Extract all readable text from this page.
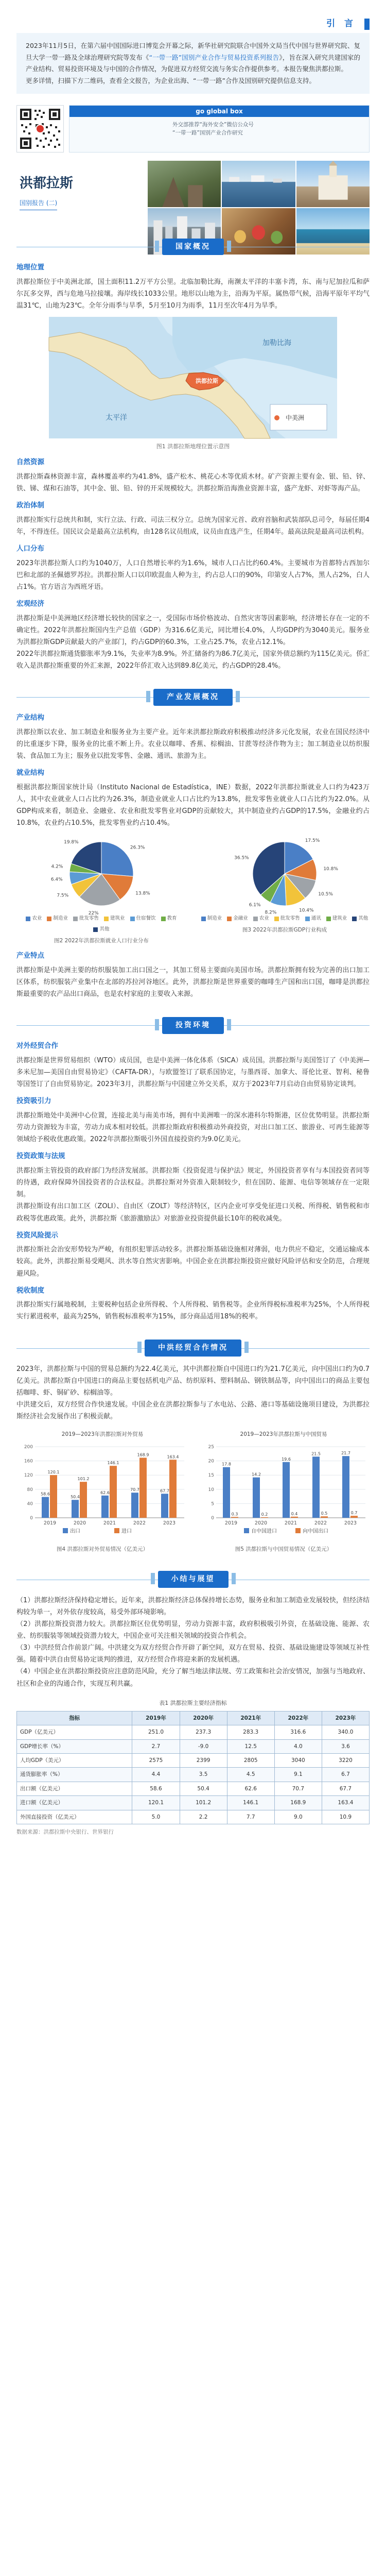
引 言
2023年11月5日，在第六届中国国际进口博览会开幕之际，新华社研究院联合中国外文局当代中国与世界研究院、复旦大学一带一路及全球治理研究院等发布《“一带一路”国别产业合作与贸易投资系列报告》，旨在深入研究共建国家的产业结构、贸易投资环境及与中国的合作情况，为促进双方经贸交流与务实合作提供参考。本报告聚焦洪都拉斯。
更多详情，扫描下方二维码，查看全文报告，为企业出海、“一带一路”合作及国别研究提供信息支持。
go global box
外交部推荐“海外安全”微信公众号
“一带一路”国别产业合作研究
洪都拉斯
国别报告 (二)
国家概况
地理位置

洪都拉斯位于中美洲北部，国土面积11.2万平方公里。北临加勒比海，南濒太平洋的丰塞卡湾，东、南与尼加拉瓜和萨尔瓦多交界，西与危地马拉接壤。海岸线长1033公里。地形以山地为主，沿海为平原。属热带气候，沿海平原年平均气温31℃，山地为23℃。全年分雨季与旱季，5月至10月为雨季，11月至次年4月为旱季。

加勒比海
太平洋
洪都拉斯
中美洲
图1 洪都拉斯地理位置示意图
自然资源

洪都拉斯森林资源丰富，森林覆盖率约为41.8%，盛产松木、桃花心木等优质木材。矿产资源主要有金、银、铅、锌、铁、锑、煤和石油等，其中金、银、铅、锌的开采规模较大。洪都拉斯沿海渔业资源丰富，盛产龙虾、对虾等海产品。

政治体制

洪都拉斯实行总统共和制，实行立法、行政、司法三权分立。总统为国家元首、政府首脑和武装部队总司令，每届任期4年，不得连任。国民议会是最高立法机构，由128名议员组成，议员由直选产生，任期4年。最高法院是最高司法机构。

人口分布

2023年洪都拉斯人口约为1040万，人口自然增长率约为1.6%，城市人口占比约60.4%。主要城市为首都特古西加尔巴和北部的圣佩德罗苏拉。洪都拉斯人口以印欧混血人种为主，约占总人口的90%，印第安人占7%，黑人占2%，白人占1%。官方语言为西班牙语。

宏观经济

洪都拉斯是中美洲地区经济增长较快的国家之一，受国际市场价格波动、自然灾害等因素影响，经济增长存在一定的不确定性。2022年洪都拉斯国内生产总值（GDP）为316.6亿美元，同比增长4.0%，人均GDP约为3040美元。服务业为洪都拉斯GDP贡献最大的产业部门，约占GDP的60.3%，工业占25.7%，农业占12.1%。

2022年洪都拉斯通货膨胀率为9.1%，失业率为8.9%。外汇储备约为86.7亿美元，国家外债总额约为115亿美元。侨汇收入是洪都拉斯重要的外汇来源，2022年侨汇收入达到89.8亿美元，约占GDP的28.4%。

产业发展概况
产业结构

洪都拉斯以农业、加工制造业和服务业为主要产业。近年来洪都拉斯政府积极推动经济多元化发展，农业在国民经济中的比重逐步下降，服务业的比重不断上升。农业以咖啡、香蕉、棕榈油、甘蔗等经济作物为主；加工制造业以纺织服装、食品加工为主；服务业以批发零售、金融、通讯、旅游为主。

就业结构

根据洪都拉斯国家统计局（Instituto Nacional de Estadística，INE）数据，2022年洪都拉斯就业人口约为423万人，其中农业就业人口占比约为26.3%，制造业就业人口占比约为13.8%，批发零售业就业人口占比约为22.0%。从GDP构成来看，制造业、金融业、农业和批发零售业对GDP的贡献较大，其中制造业约占GDP的17.5%，金融业约占10.8%，农业约占10.5%，批发零售业约占10.4%。

26.3%
13.8%
22%
7.5%
6.4%
4.2%
19.8%
农业 制造业 批发零售 建筑业 住宿餐饮 教育
其他
图2 2022年洪都拉斯就业人口行业分布
17.5%
10.8%
10.5%
10.4%
8.2%
6.1%
36.5%
制造业 金融业 农业 批发零售 通讯 建筑业 其他
图3 2022年洪都拉斯GDP行业构成
产业特点

洪都拉斯是中美洲主要的纺织服装加工出口国之一，其加工贸易主要面向美国市场。洪都拉斯拥有较为完善的出口加工区体系，纺织服装产业集中在北部的苏拉河谷地区。此外，洪都拉斯是世界重要的咖啡生产国和出口国，咖啡是洪都拉斯最重要的农产品出口商品，也是农村家庭的主要收入来源。

投资环境
对外经贸合作

洪都拉斯是世界贸易组织（WTO）成员国，也是中美洲一体化体系（SICA）成员国。洪都拉斯与美国签订了《中美洲—多米尼加—美国自由贸易协定》（CAFTA-DR），与欧盟签订了联系国协定，与墨西哥、加拿大、哥伦比亚、智利、秘鲁等国签订了自由贸易协定。2023年3月，洪都拉斯与中国建立外交关系，双方于2023年7月启动自由贸易协定谈判。

投资吸引力

洪都拉斯地处中美洲中心位置，连接北美与南美市场，拥有中美洲唯一的深水港科尔特斯港，区位优势明显。洪都拉斯劳动力资源较为丰富，劳动力成本相对较低。洪都拉斯政府积极推动外商投资，对出口加工区、旅游业、可再生能源等领域给予税收优惠政策。2022年洪都拉斯吸引外国直接投资约为9.0亿美元。

投资政策与法规

洪都拉斯主管投资的政府部门为经济发展部。洪都拉斯《投资促进与保护法》规定，外国投资者享有与本国投资者同等的待遇，政府保障外国投资者的合法权益。洪都拉斯对外资准入限制较少，但在国防、能源、电信等领域存在一定限制。

洪都拉斯设有出口加工区（ZOLI）、自由区（ZOLT）等经济特区，区内企业可享受免征进口关税、所得税、销售税和市政税等优惠政策。此外，洪都拉斯《旅游激励法》对旅游业投资提供最长10年的税收减免。

投资风险提示

洪都拉斯社会治安形势较为严峻，有组织犯罪活动较多。洪都拉斯基础设施相对薄弱，电力供应不稳定，交通运输成本较高。此外，洪都拉斯易受飓风、洪水等自然灾害影响。中国企业在洪都拉斯投资应做好风险评估和安全防范，合理规避风险。

税收制度

洪都拉斯实行属地税制，主要税种包括企业所得税、个人所得税、销售税等。企业所得税标准税率为25%，个人所得税实行累进税率，最高为25%，销售税标准税率为15%，部分商品适用18%的税率。

中洪经贸合作情况

2023年，洪都拉斯与中国的贸易总额约为22.4亿美元，其中洪都拉斯自中国进口约为21.7亿美元，向中国出口约为0.7亿美元。洪都拉斯自中国进口的商品主要包括机电产品、纺织原料、塑料制品、钢铁制品等，向中国出口的商品主要包括咖啡、虾、铜矿砂、棕榈油等。

中洪建交后，双方经贸合作快速发展。中国企业在洪都拉斯参与了水电站、公路、港口等基础设施项目建设，为洪都拉斯经济社会发展作出了积极贡献。

2019—2023年洪都拉斯对外贸易
0
40
80
120
160
200
58.6
120.1
2019
50.4
101.2
2020
62.6
146.1
2021
70.7
168.9
2022
67.7
163.4
2023
出口	进口
图4 洪都拉斯对外贸易情况（亿美元）
2019—2023年洪都拉斯与中国贸易
0
5
10
15
20
25
17.8
0.3
2019
14.2
0.2
2020
19.6
0.4
2021
21.5
0.5
2022
21.7
0.7
2023
自中国进口	向中国出口
图5 洪都拉斯与中国贸易情况（亿美元）
小结与展望

（1）洪都拉斯经济保持稳定增长。近年来，洪都拉斯经济总体保持增长态势，服务业和加工制造业发展较快，但经济结构较为单一，对外依存度较高，易受外部环境影响。

（2）洪都拉斯投资潜力较大。洪都拉斯区位优势明显，劳动力资源丰富，政府积极吸引外资，在基础设施、能源、农业、纺织服装等领域投资潜力较大，中国企业可关注相关领域的投资合作机会。

（3）中洪经贸合作前景广阔。中洪建交为双方经贸合作开辟了新空间，双方在贸易、投资、基础设施建设等领域互补性强。随着中洪自由贸易协定谈判的推进，双方经贸合作将迎来新的发展机遇。

（4）中国企业在洪都拉斯投资应注意防范风险，充分了解当地法律法规、劳工政策和社会治安情况，加强与当地政府、社区和企业的沟通合作，实现互利共赢。

表1 洪都拉斯主要经济指标
指标	2019年	2020年	2021年	2022年	2023年
GDP（亿美元）	251.0	237.3	283.3	316.6	340.0
GDP增长率（%）	2.7	-9.0	12.5	4.0	3.6
人均GDP（美元）	2575	2399	2805	3040	3220
通货膨胀率（%）	4.4	3.5	4.5	9.1	6.7
出口额（亿美元）	58.6	50.4	62.6	70.7	67.7
进口额（亿美元）	120.1	101.2	146.1	168.9	163.4
外国直接投资（亿美元）	5.0	2.2	7.7	9.0	10.9
数据来源：洪都拉斯中央银行、世界银行
